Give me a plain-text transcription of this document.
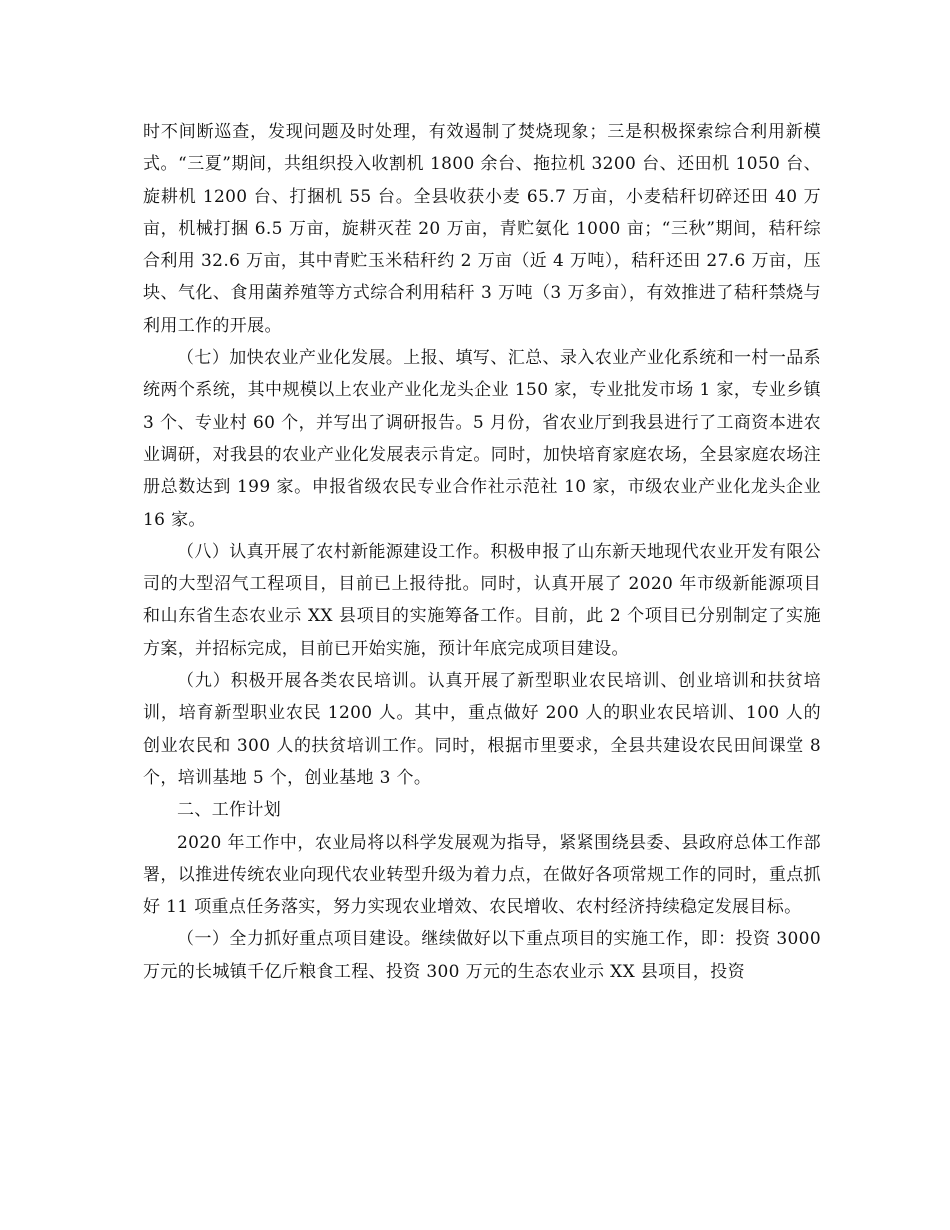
时不间断巡查，发现问题及时处理，有效遏制了焚烧现象；三是积极探索综合利用新模式。“三夏”期间，共组织投入收割机 1800 余台、拖拉机 3200 台、还田机 1050 台、旋耕机 1200 台、打捆机 55 台。全县收获小麦 65.7 万亩，小麦秸秆切碎还田 40 万亩，机械打捆 6.5 万亩，旋耕灭茬 20 万亩，青贮氨化 1000 亩；“三秋”期间，秸秆综合利用 32.6 万亩，其中青贮玉米秸秆约 2 万亩（近 4 万吨），秸秆还田 27.6 万亩，压块、气化、食用菌养殖等方式综合利用秸秆 3 万吨（3 万多亩），有效推进了秸秆禁烧与利用工作的开展。

（七）加快农业产业化发展。上报、填写、汇总、录入农业产业化系统和一村一品系统两个系统，其中规模以上农业产业化龙头企业 150 家，专业批发市场 1 家，专业乡镇 3 个、专业村 60 个，并写出了调研报告。5 月份，省农业厅到我县进行了工商资本进农业调研，对我县的农业产业化发展表示肯定。同时，加快培育家庭农场，全县家庭农场注册总数达到 199 家。申报省级农民专业合作社示范社 10 家，市级农业产业化龙头企业 16 家。

（八）认真开展了农村新能源建设工作。积极申报了山东新天地现代农业开发有限公司的大型沼气工程项目，目前已上报待批。同时，认真开展了 2020 年市级新能源项目和山东省生态农业示 XX 县项目的实施筹备工作。目前，此 2 个项目已分别制定了实施方案，并招标完成，目前已开始实施，预计年底完成项目建设。

（九）积极开展各类农民培训。认真开展了新型职业农民培训、创业培训和扶贫培训，培育新型职业农民 1200 人。其中，重点做好 200 人的职业农民培训、100 人的创业农民和 300 人的扶贫培训工作。同时，根据市里要求，全县共建设农民田间课堂 8 个，培训基地 5 个，创业基地 3 个。

二、工作计划

2020 年工作中，农业局将以科学发展观为指导，紧紧围绕县委、县政府总体工作部署，以推进传统农业向现代农业转型升级为着力点，在做好各项常规工作的同时，重点抓好 11 项重点任务落实，努力实现农业增效、农民增收、农村经济持续稳定发展目标。

（一）全力抓好重点项目建设。继续做好以下重点项目的实施工作，即：投资 3000 万元的长城镇千亿斤粮食工程、投资 300 万元的生态农业示 XX 县项目，投资
